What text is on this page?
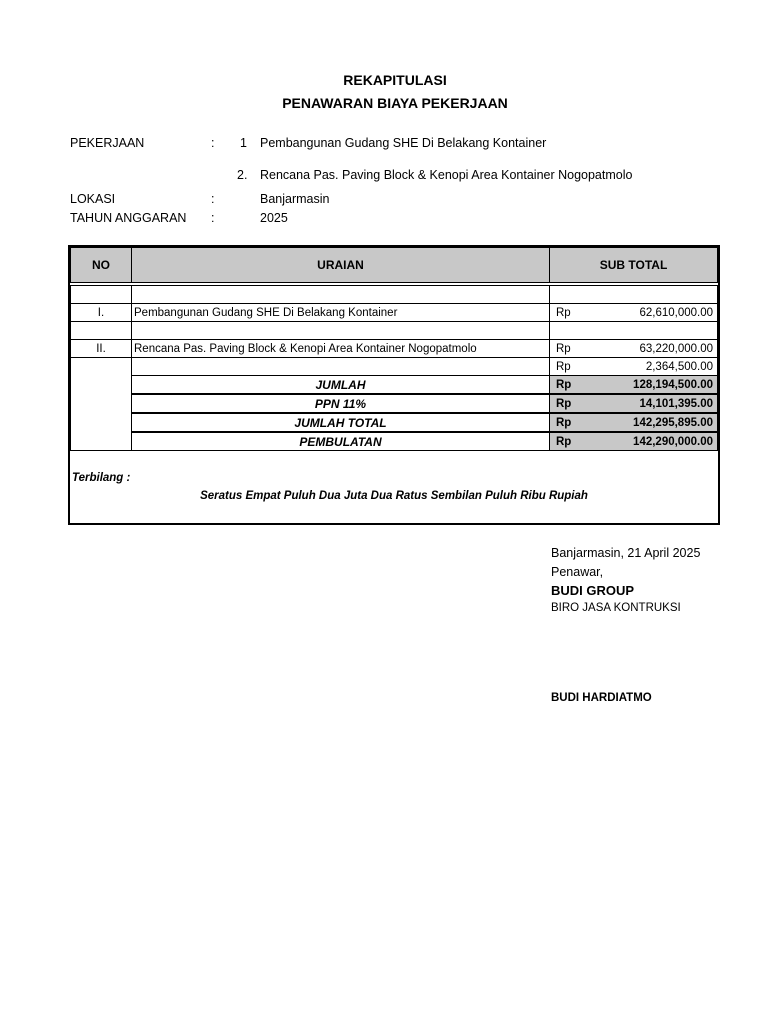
REKAPITULASI
PENAWARAN BIAYA PEKERJAAN
PEKERJAAN	: 1 Pembangunan Gudang SHE Di Belakang Kontainer
2. Rencana Pas. Paving Block & Kenopi Area Kontainer Nogopatmolo
LOKASI	:	Banjarmasin
TAHUN ANGGARAN :	2025
NO	URAIAN	SUB TOTAL
I.	Pembangunan Gudang SHE Di Belakang Kontainer	Rp	62,610,000.00
II.	Rencana Pas. Paving Block & Kenopi Area Kontainer Nogopatmolo	Rp	63,220,000.00
Rp	2,364,500.00
JUMLAH	Rp	128,194,500.00
PPN 11%	Rp	14,101,395.00
JUMLAH TOTAL	Rp	142,295,895.00
PEMBULATAN	Rp	142,290,000.00
Terbilang :
Seratus Empat Puluh Dua Juta Dua Ratus Sembilan Puluh Ribu Rupiah
Banjarmasin, 21 April 2025
Penawar,
BUDI GROUP
BIRO JASA KONTRUKSI
BUDI HARDIATMO
